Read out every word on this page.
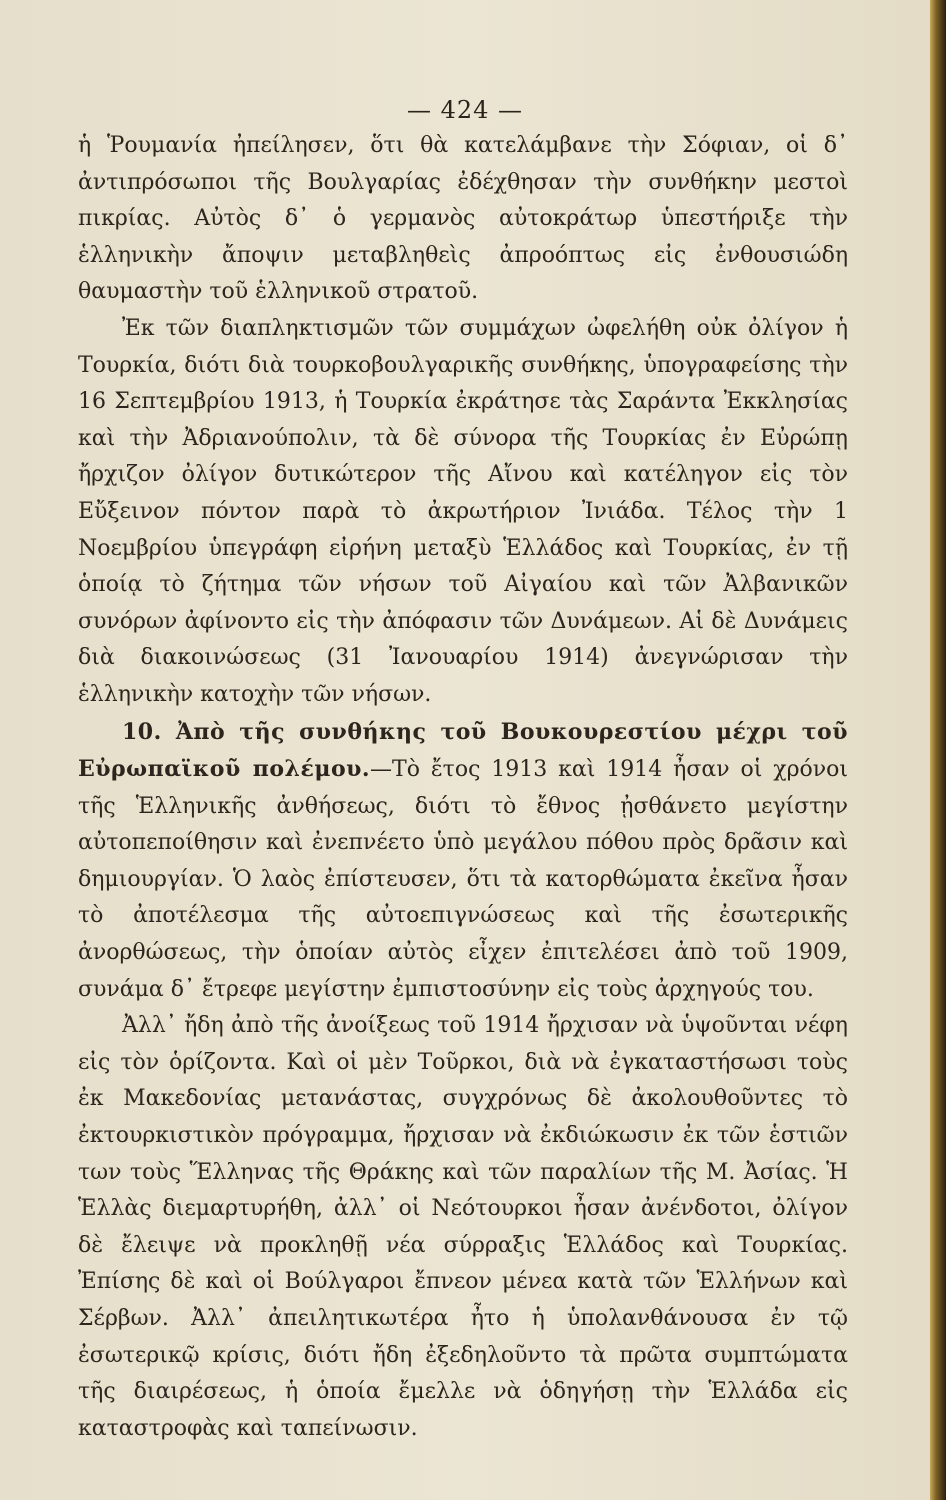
— 424 —

ἡ Ῥουμανία ἠπείλησεν, ὅτι θὰ κατελάμβανε τὴν Σόφιαν, οἱ δ᾽ ἀντιπρόσωποι τῆς Βουλγαρίας ἐδέχθησαν τὴν συνθήκην μεστοὶ πικρίας. Αὐτὸς δ᾽ ὁ γερμανὸς αὐτοκράτωρ ὑπεστήριξε τὴν ἑλληνικὴν ἄποψιν μεταβληθεὶς ἀπροόπτως εἰς ἐνθουσιώδη θαυμαστὴν τοῦ ἑλληνικοῦ στρατοῦ.

Ἐκ τῶν διαπληκτισμῶν τῶν συμμάχων ὠφελήθη οὐκ ὀλίγον ἡ Τουρκία, διότι διὰ τουρκοβουλγαρικῆς συνθήκης, ὑπογραφείσης τὴν 16 Σεπτεμβρίου 1913, ἡ Τουρκία ἐκράτησε τὰς Σαράντα Ἐκκλησίας καὶ τὴν Ἀδριανούπολιν, τὰ δὲ σύνορα τῆς Τουρκίας ἐν Εὐρώπῃ ἤρχιζον ὀλίγον δυτικώτερον τῆς Αἴνου καὶ κατέληγον εἰς τὸν Εὔξεινον πόντον παρὰ τὸ ἀκρωτήριον Ἰνιάδα. Τέλος τὴν 1 Νοεμβρίου ὑπεγράφη εἰρήνη μεταξὺ Ἑλλάδος καὶ Τουρκίας, ἐν τῇ ὁποίᾳ τὸ ζήτημα τῶν νήσων τοῦ Αἰγαίου καὶ τῶν Ἀλβανικῶν συνόρων ἀφίνοντο εἰς τὴν ἀπόφασιν τῶν Δυνάμεων. Αἱ δὲ Δυνάμεις διὰ διακοινώσεως (31 Ἰανουαρίου 1914) ἀνεγνώρισαν τὴν ἑλληνικὴν κατοχὴν τῶν νήσων.

10. Ἀπὸ τῆς συνθήκης τοῦ Βουκουρεστίου μέχρι τοῦ Εὐρωπαϊκοῦ πολέμου.—Τὸ ἔτος 1913 καὶ 1914 ἦσαν οἱ χρόνοι τῆς Ἑλληνικῆς ἀνθήσεως, διότι τὸ ἔθνος ᾐσθάνετο μεγίστην αὐτοπεποίθησιν καὶ ἐνεπνέετο ὑπὸ μεγάλου πόθου πρὸς δρᾶσιν καὶ δημιουργίαν. Ὁ λαὸς ἐπίστευσεν, ὅτι τὰ κατορθώματα ἐκεῖνα ἦσαν τὸ ἀποτέλεσμα τῆς αὐτοεπιγνώσεως καὶ τῆς ἐσωτερικῆς ἀνορθώσεως, τὴν ὁποίαν αὐτὸς εἶχεν ἐπιτελέσει ἀπὸ τοῦ 1909, συνάμα δ᾽ ἔτρεφε μεγίστην ἐμπιστοσύνην εἰς τοὺς ἀρχηγούς του.

Ἀλλ᾽ ἤδη ἀπὸ τῆς ἀνοίξεως τοῦ 1914 ἤρχισαν νὰ ὑψοῦνται νέφη εἰς τὸν ὁρίζοντα. Καὶ οἱ μὲν Τοῦρκοι, διὰ νὰ ἐγκαταστήσωσι τοὺς ἐκ Μακεδονίας μετανάστας, συγχρόνως δὲ ἀκολουθοῦντες τὸ ἐκτουρκιστικὸν πρόγραμμα, ἤρχισαν νὰ ἐκδιώκωσιν ἐκ τῶν ἑστιῶν των τοὺς Ἕλληνας τῆς Θράκης καὶ τῶν παραλίων τῆς Μ. Ἀσίας. Ἡ Ἑλλὰς διεμαρτυρήθη, ἀλλ᾽ οἱ Νεότουρκοι ἦσαν ἀνένδοτοι, ὀλίγον δὲ ἔλειψε νὰ προκληθῇ νέα σύρραξις Ἑλλάδος καὶ Τουρκίας. Ἐπίσης δὲ καὶ οἱ Βούλγαροι ἔπνεον μένεα κατὰ τῶν Ἑλλήνων καὶ Σέρβων. Ἀλλ᾽ ἀπειλητικωτέρα ἦτο ἡ ὑπολανθάνουσα ἐν τῷ ἐσωτερικῷ κρίσις, διότι ἤδη ἐξεδηλοῦντο τὰ πρῶτα συμπτώματα τῆς διαιρέσεως, ἡ ὁποία ἔμελλε νὰ ὁδηγήσῃ τὴν Ἑλλάδα εἰς καταστροφὰς καὶ ταπείνωσιν.
